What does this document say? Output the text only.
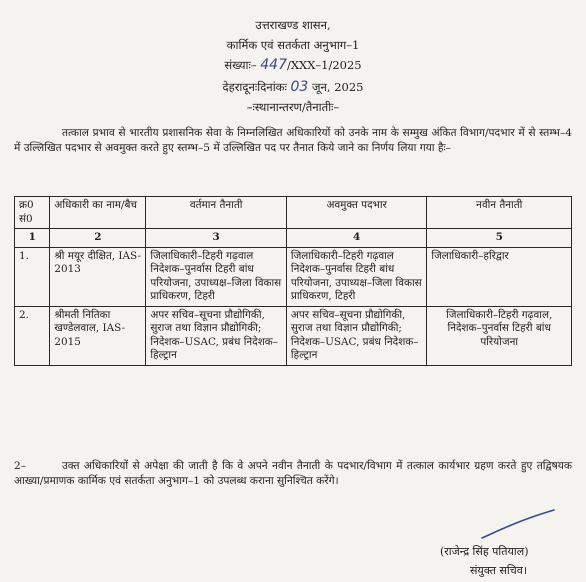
उत्तराखण्ड शासन,
कार्मिक एवं सतर्कता अनुभाग–1
संख्याः– 447/XXX–1/2025
देहरादूनःदिनांकः 03 जून, 2025
–ःस्थानान्तरण/तैनातीः–
तत्काल प्रभाव से भारतीय प्रशासनिक सेवा के निम्नलिखित अधिकारियों को उनके नाम के सम्मुख अंकित विभाग/पदभार में से स्तम्भ–4 में उल्लिखित पदभार से अवमुक्त करते हुए स्तम्भ–5 में उल्लिखित पद पर तैनात किये जाने का निर्णय लिया गया हैः–
क्र0 सं0	अधिकारी का नाम/बैच	वर्तमान तैनाती	अवमुक्त पदभार	नवीन तैनाती
1	2	3	4	5
1.	श्री मयूर दीक्षित, IAS-2013	जिलाधिकारी–टिहरी गढ़वाल निदेशक–पुनर्वास टिहरी बांध परियोजना, उपाध्यक्ष–जिला विकास प्राधिकरण, टिहरी	जिलाधिकारी–टिहरी गढ़वाल निदेशक–पुनर्वास टिहरी बांध परियोजना, उपाध्यक्ष–जिला विकास प्राधिकरण, टिहरी	जिलाधिकारी–हरिद्वार
2.	श्रीमती नितिका खण्डेलवाल, IAS-2015	अपर सचिव–सूचना प्रौद्योगिकी, सुराज तथा विज्ञान प्रौद्योगिकी; निदेशक–USAC, प्रबंध निदेशक–हिल्ट्रान	अपर सचिव–सूचना प्रौद्योगिकी, सुराज तथा विज्ञान प्रौद्योगिकी; निदेशक–USAC, प्रबंध निदेशक–हिल्ट्रान	जिलाधिकारी–टिहरी गढ़वाल, निदेशक–पुनर्वास टिहरी बांध परियोजना
2–	उक्त अधिकारियों से अपेक्षा की जाती है कि वे अपने नवीन तैनाती के पदभार/विभाग में तत्काल कार्यभार ग्रहण करते हुए तद्विषयक आख्या/प्रमाणक कार्मिक एवं सतर्कता अनुभाग–1 को उपलब्ध कराना सुनिश्चित करेंगे।
(राजेन्द्र सिंह पतियाल)
संयुक्त सचिव।
